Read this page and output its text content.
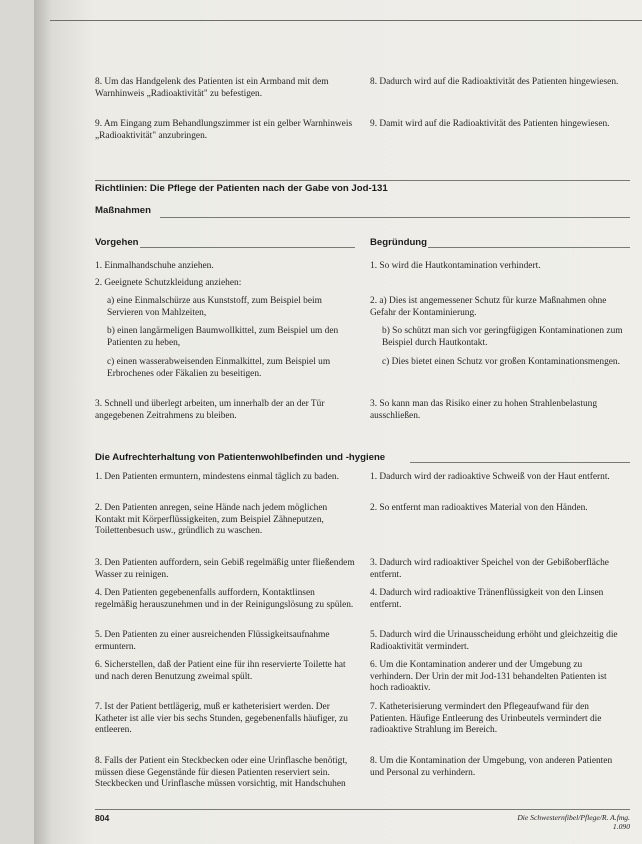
8. Um das Handgelenk des Patienten ist ein Armband mit dem Warnhinweis „Radioaktivität" zu befestigen.
9. Am Eingang zum Behandlungszimmer ist ein gelber Warnhinweis „Radioaktivität" anzubringen.
8. Dadurch wird auf die Radioaktivität des Patienten hingewiesen.
9. Damit wird auf die Radioaktivität des Patienten hingewiesen.
Richtlinien: Die Pflege der Patienten nach der Gabe von Jod-131
Maßnahmen
Vorgehen	Begründung
1. Einmalhandschuhe anziehen.
2. Geeignete Schutzkleidung anziehen:
a) eine Einmalschürze aus Kunststoff, zum Beispiel beim Servieren von Mahlzeiten,
b) einen langärmeligen Baumwollkittel, zum Beispiel um den Patienten zu heben,
c) einen wasserabweisenden Einmalkittel, zum Beispiel um Erbrochenes oder Fäkalien zu beseitigen.
3. Schnell und überlegt arbeiten, um innerhalb der an der Tür angegebenen Zeitrahmens zu bleiben.
1. So wird die Hautkontamination verhindert.
2. a) Dies ist angemessener Schutz für kurze Maßnahmen ohne Gefahr der Kontaminierung.
b) So schützt man sich vor geringfügigen Kontaminationen zum Beispiel durch Hautkontakt.
c) Dies bietet einen Schutz vor großen Kontaminationsmengen.
3. So kann man das Risiko einer zu hohen Strahlenbelastung ausschließen.
Die Aufrechterhaltung von Patientenwohlbefinden und -hygiene
1. Den Patienten ermuntern, mindestens einmal täglich zu baden.
2. Den Patienten anregen, seine Hände nach jedem möglichen Kontakt mit Körperflüssigkeiten, zum Beispiel Zähneputzen, Toilettenbesuch usw., gründlich zu waschen.
3. Den Patienten auffordern, sein Gebiß regelmäßig unter fließendem Wasser zu reinigen.
4. Den Patienten gegebenenfalls auffordern, Kontaktlinsen regelmäßig herauszunehmen und in der Reinigungslösung zu spülen.
5. Den Patienten zu einer ausreichenden Flüssigkeitsaufnahme ermuntern.
6. Sicherstellen, daß der Patient eine für ihn reservierte Toilette hat und nach deren Benutzung zweimal spült.
7. Ist der Patient bettlägerig, muß er katheterisiert werden. Der Katheter ist alle vier bis sechs Stunden, gegebenenfalls häufiger, zu entleeren.
8. Falls der Patient ein Steckbecken oder eine Urinflasche benötigt, müssen diese Gegenstände für diesen Patienten reserviert sein. Steckbecken und Urinflasche müssen vorsichtig, mit Handschuhen
1. Dadurch wird der radioaktive Schweiß von der Haut entfernt.
2. So entfernt man radioaktives Material von den Händen.
3. Dadurch wird radioaktiver Speichel von der Gebißoberfläche entfernt.
4. Dadurch wird radioaktive Tränenflüssigkeit von den Linsen entfernt.
5. Dadurch wird die Urinausscheidung erhöht und gleichzeitig die Radioaktivität vermindert.
6. Um die Kontamination anderer und der Umgebung zu verhindern. Der Urin der mit Jod-131 behandelten Patienten ist hoch radioaktiv.
7. Katheterisierung vermindert den Pflegeaufwand für den Patienten. Häufige Entleerung des Urinbeutels vermindert die radioaktive Strahlung im Bereich.
8. Um die Kontamination der Umgebung, von anderen Patienten und Personal zu verhindern.
804	Die Schwesternfibel/Pflege/R. A.fmg. 1.090
